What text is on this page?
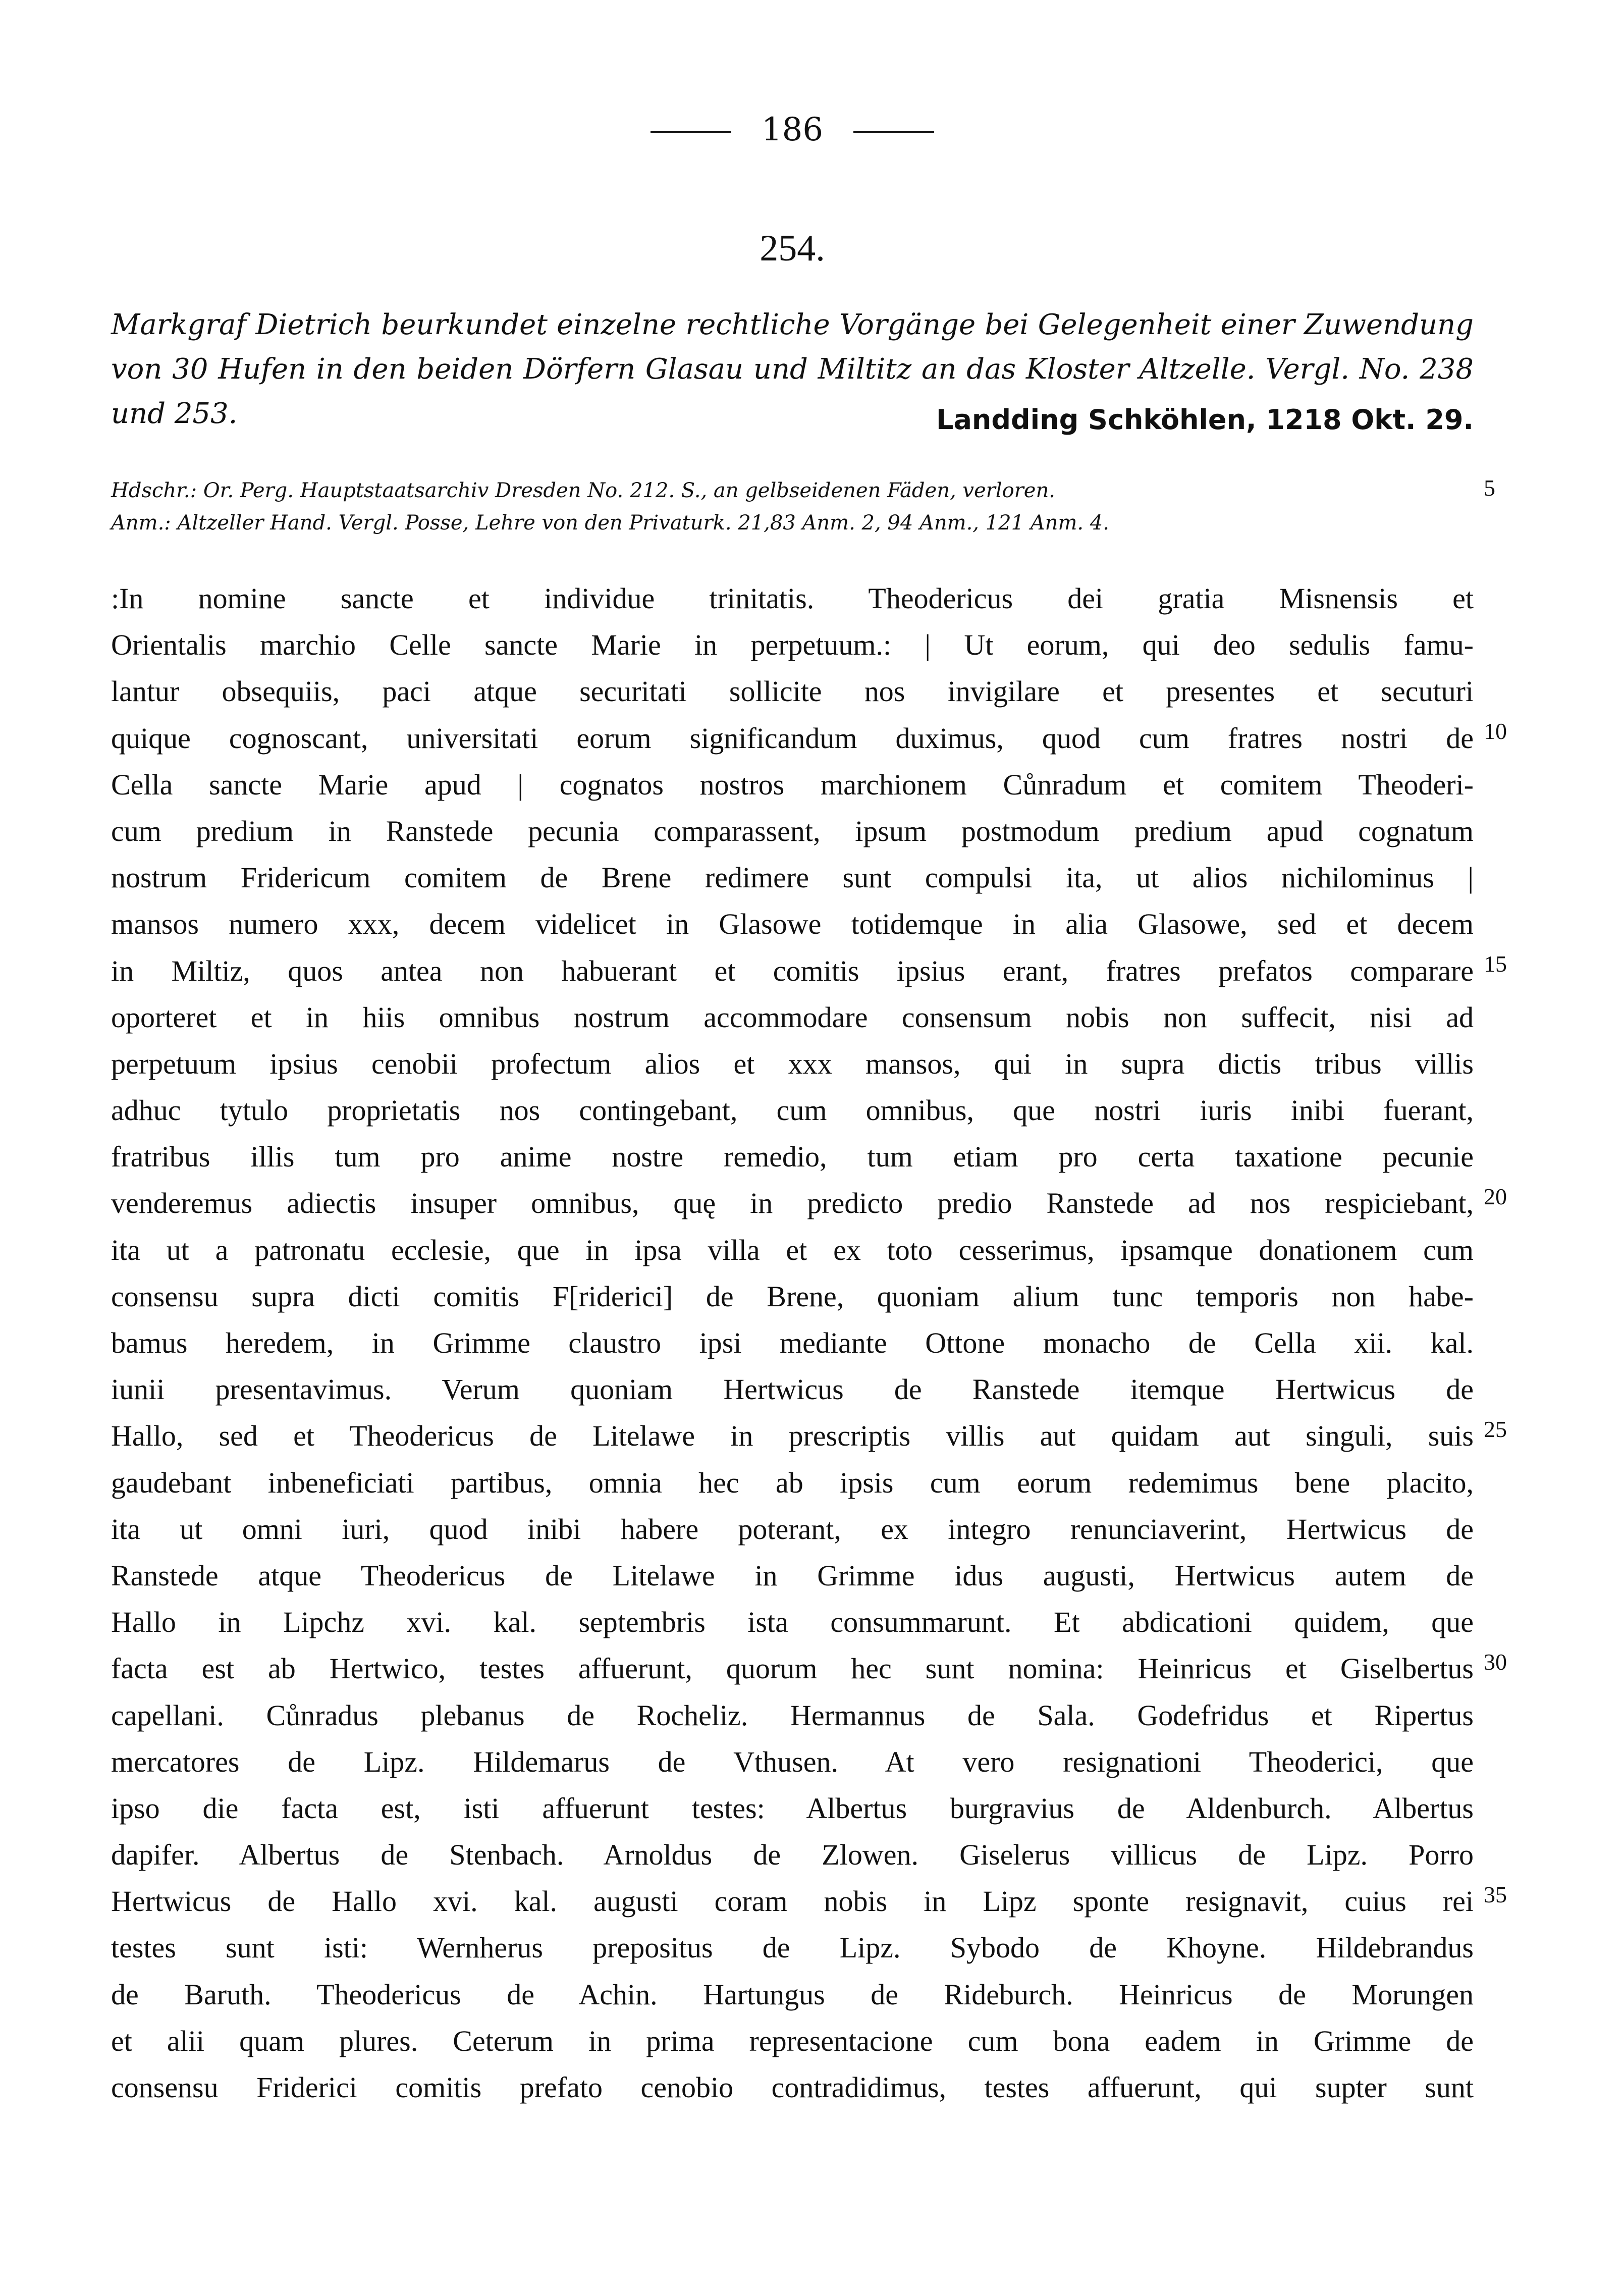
186
254.
Markgraf Dietrich beurkundet einzelne rechtliche Vorgänge bei Gelegenheit einer Zuwendung von 30 Hufen in den beiden Dörfern Glasau und Miltitz an das Kloster Altzelle. Vergl. No. 238 und 253.	Landding Schköhlen, 1218 Okt. 29.
Hdschr.: Or. Perg. Hauptstaatsarchiv Dresden No. 212. S., an gelbseidenen Fäden, verloren.
Anm.: Altzeller Hand. Vergl. Posse, Lehre von den Privaturk. 21,83 Anm. 2, 94 Anm., 121 Anm. 4.
5
:In nomine sancte et individue trinitatis. Theodericus dei gratia Misnensis et
Orientalis marchio Celle sancte Marie in perpetuum.: | Ut eorum, qui deo sedulis famu-
lantur obsequiis, paci atque securitati sollicite nos invigilare et presentes et secuturi
quique cognoscant, universitati eorum significandum duximus, quod cum fratres nostri de
Cella sancte Marie apud | cognatos nostros marchionem Cůnradum et comitem Theoderi-
cum predium in Ranstede pecunia comparassent, ipsum postmodum predium apud cognatum
nostrum Fridericum comitem de Brene redimere sunt compulsi ita, ut alios nichilominus |
mansos numero xxx, decem videlicet in Glasowe totidemque in alia Glasowe, sed et decem
in Miltiz, quos antea non habuerant et comitis ipsius erant, fratres prefatos comparare
oporteret et in hiis omnibus nostrum accommodare consensum nobis non suffecit, nisi ad
perpetuum ipsius cenobii profectum alios et xxx mansos, qui in supra dictis tribus villis
adhuc tytulo proprietatis nos contingebant, cum omnibus, que nostri iuris inibi fuerant,
fratribus illis tum pro anime nostre remedio, tum etiam pro certa taxatione pecunie
venderemus adiectis insuper omnibus, quę in predicto predio Ranstede ad nos respiciebant,
ita ut a patronatu ecclesie, que in ipsa villa et ex toto cesserimus, ipsamque donationem cum
consensu supra dicti comitis F[riderici] de Brene, quoniam alium tunc temporis non habe-
bamus heredem, in Grimme claustro ipsi mediante Ottone monacho de Cella xii. kal.
iunii presentavimus. Verum quoniam Hertwicus de Ranstede itemque Hertwicus de
Hallo, sed et Theodericus de Litelawe in prescriptis villis aut quidam aut singuli, suis
gaudebant inbeneficiati partibus, omnia hec ab ipsis cum eorum redemimus bene placito,
ita ut omni iuri, quod inibi habere poterant, ex integro renunciaverint, Hertwicus de
Ranstede atque Theodericus de Litelawe in Grimme idus augusti, Hertwicus autem de
Hallo in Lipchz xvi. kal. septembris ista consummarunt. Et abdicationi quidem, que
facta est ab Hertwico, testes affuerunt, quorum hec sunt nomina: Heinricus et Giselbertus
capellani. Cůnradus plebanus de Rocheliz. Hermannus de Sala. Godefridus et Ripertus
mercatores de Lipz. Hildemarus de Vthusen. At vero resignationi Theoderici, que
ipso die facta est, isti affuerunt testes: Albertus burgravius de Aldenburch. Albertus
dapifer. Albertus de Stenbach. Arnoldus de Zlowen. Giselerus villicus de Lipz. Porro
Hertwicus de Hallo xvi. kal. augusti coram nobis in Lipz sponte resignavit, cuius rei
testes sunt isti: Wernherus prepositus de Lipz. Sybodo de Khoyne. Hildebrandus
de Baruth. Theodericus de Achin. Hartungus de Rideburch. Heinricus de Morungen
et alii quam plures. Ceterum in prima representacione cum bona eadem in Grimme de
consensu Friderici comitis prefato cenobio contradidimus, testes affuerunt, qui supter sunt
10
15
20
25
30
35
